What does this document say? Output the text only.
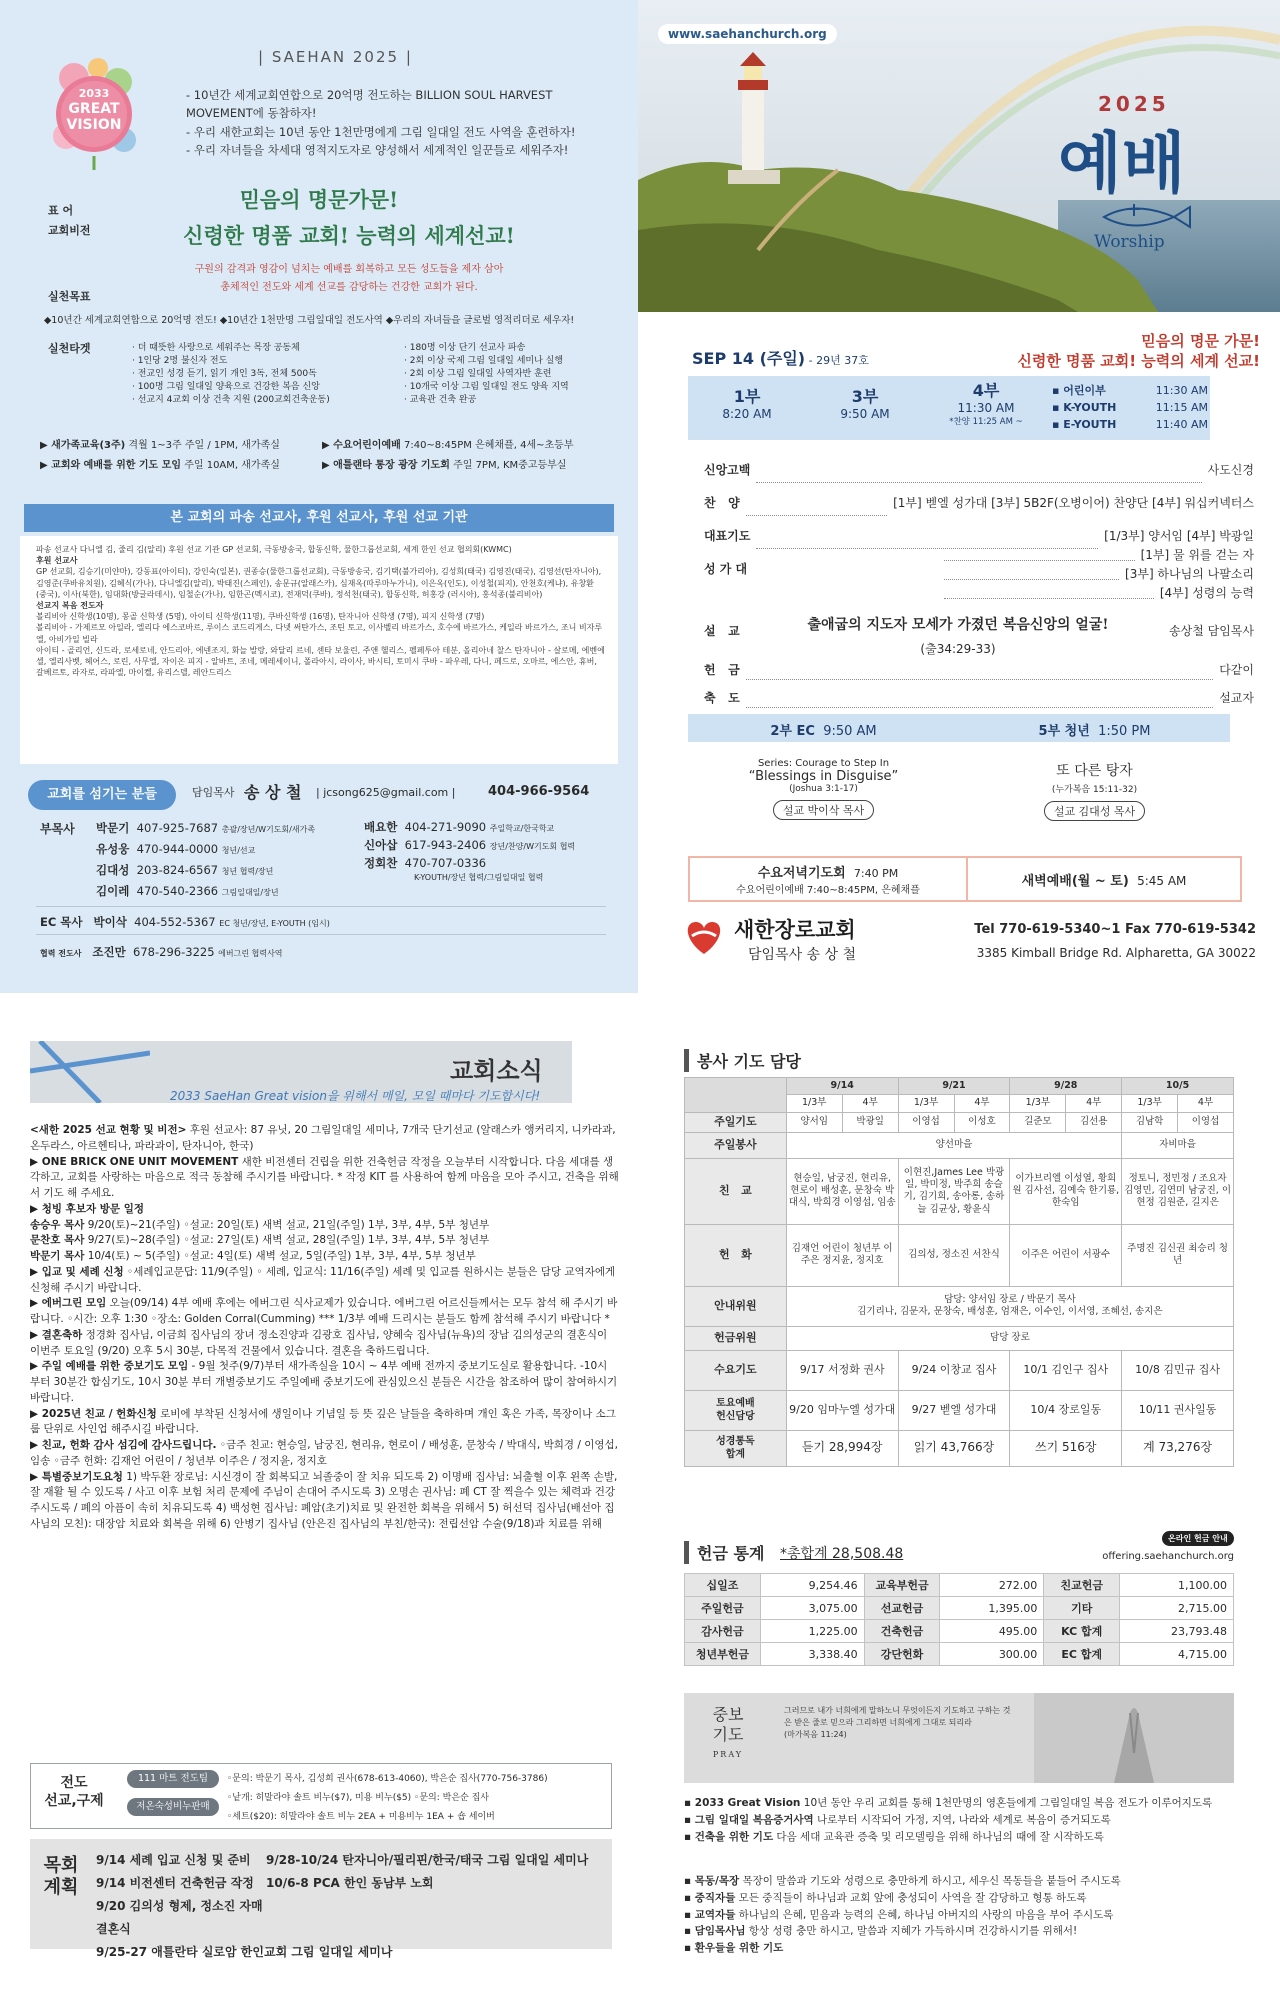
2033
GREAT
VISION
| SAEHAN 2025 |
- 10년간 세계교회연합으로 20억명 전도하는 BILLION SOUL HARVEST MOVEMENT에 동참하자!
- 우리 새한교회는 10년 동안 1천만명에게 그림 일대일 전도 사역을 훈련하자!
- 우리 자녀들을 차세대 영적지도자로 양성해서 세계적인 일꾼들로 세워주자!
표 어
교회비전
믿음의 명문가문!
신령한 명품 교회! 능력의 세계선교!
구원의 감격과 영감이 넘치는 예배를 회복하고 모든 성도들을 제자 삼아
총체적인 전도와 세계 선교를 감당하는 건강한 교회가 된다.
실천목표
◆10년간 세계교회연합으로 20억명 전도! ◆10년간 1천만명 그림일대일 전도사역 ◆우리의 자녀들을 글로벌 영적리더로 세우자!
실천타겟	· 더 때뜻한 사랑으로 세워주는 목장 공동체
· 1인당 2명 불신자 전도
· 전교인 성경 듣기, 읽기 개인 3독, 전체 500독
· 100명 그림 일대일 양육으로 건강한 복음 신앙
· 선교지 4교회 이상 건축 지원 (200교회건축운동)
· 180명 이상 단기 선교사 파송
· 2회 이상 국제 그림 일대일 세미나 실행
· 2회 이상 그림 일대일 사역자반 훈련
· 10개국 이상 그림 일대일 전도 양육 지역
· 교육관 건축 완공
▶ 새가족교육(3주) 격월 1~3주 주일 / 1PM, 새가족실	▶ 수요어린이예배 7:40~8:45PM 은혜채플, 4세~초등부
▶ 교회와 예배를 위한 기도 모임 주일 10AM, 새가족실	▶ 애틀랜타 통장 광장 기도회 주일 7PM, KM중고등부실
본 교회의 파송 선교사, 후원 선교사, 후원 선교 기관
파송 선교사 다니엘 김, 줄리 김(알리) 후원 선교 기관 GP 선교회, 극동방송국, 합동신학, 물한그룹선교회, 세계 한인 선교 협의회(KWMC)
후원 선교사
GP 선교회, 김승기(미얀마), 강동표(아이티), 강인숙(일본), 권종승(물한그룹선교회), 극동방송국, 김기택(불가리아), 김성희(태국) 김영진(태국), 김영선(탄자니아), 김영준(쿠바유치원), 김혜식(가나), 다니엘김(알리), 박태진(스페인), 송문규(알래스카), 심재옥(따루마누가니), 이은옥(인도), 이성철(피지), 안천호(케냐), 유창환 (중국), 이사(북한), 임대화(방글라데시), 임철순(가나), 임한곤(멕시코), 전재덕(쿠바), 정석천(태국), 합동신학, 허홍강 (러시아), 홍석종(불리비아)
선교지 복음 전도자
볼리비아 신학생(10명), 몽골 신학생 (5명), 아이티 신학생(11명), 쿠바신학생 (16명), 탄자니아 신학생 (7명), 피지 신학생 (7명)
볼리비아 - 가제르모 아일라, 엘리다 에스코바르, 루이스 코드리게스, 다넷 써탄가스, 조틴 토고, 이사벨리 바르가스, 호수에 바르가스, 케일라 바르가스, 조니 비자루엘, 아비가일 빌라
아이티 - 골리언, 신드라, 로세로네, 안드리아, 에넨조지, 화늘 발랑, 와달리 르네, 센타 보울린, 주앤 헬리스, 펠페투아 테분, 올리아네 찰스 탄자니아 - 살로메, 에벤에셀, 엘리사벳, 헤어스, 로린, 사무엘, 자이온 피지 - 알바트, 조네, 메레세이니, 폴라아시, 라이사, 바시티, 토미시 쿠바 - 파우레, 다니, 페드로, 오마르, 에스안, 휴버, 갈베르토, 라자로, 라파엘, 마이켈, 유리스델, 레안드리스
교회를 섬기는 분들	담임목사 송 상 철 | jcsong625@gmail.com |	404-966-9564
부목사 박문기 407-925-7687 총괄/장년/W기도회/새가족
유성웅 470-944-0000 청년/선교
김대성 203-824-6567 청년 협력/장년
김이레 470-540-2366 그림일대일/장년
배요한 404-271-9090 주일학교/한국학교
신아삽 617-943-2406 장년/찬양/W기도회 협력
정회찬 470-707-0336
K-YOUTH/장년 협력/그림일대일 협력
EC 목사 박이삭 404-552-5367 EC 청년/장년, E-YOUTH (임시)
협력 전도사 조진만 678-296-3225 에버그린 협력사역
www.saehanchurch.org
2025
예배
Worship
SEP 14 (주일) - 29년 37호
믿음의 명문 가문!
신령한 명품 교회! 능력의 세계 선교!
1부
8:20 AM
3부
9:50 AM
4부
11:30 AM
*찬양 11:25 AM ~
▪ 어린이부	11:30 AM
▪ K-YOUTH	11:15 AM
▪ E-YOUTH	11:40 AM
신앙고백	사도신경
찬   양	[1부] 벧엘 성가대 [3부] 5B2F(오병이어) 찬양단 [4부] 워십커넥터스
대표기도	[1/3부] 양서임 [4부] 박광일
성 가 대
[1부] 물 위를 걷는 자
[3부] 하나님의 나팔소리
[4부] 성령의 능력
설   교	출애굽의 지도자 모세가 가졌던 복음신앙의 얼굴!
(출34:29-33)
송상철 담임목사
헌   금	다같이
축   도	설교자
2부 EC 9:50 AM	5부 청년 1:50 PM
Series: Courage to Step In
“Blessings in Disguise”
(Joshua 3:1-17)
설교 박이삭 목사
또 다른 탕자
(누가복음 15:11-32)
설교 김대성 목사
수요저녁기도회 7:40 PM
수요어린이예배 7:40~8:45PM, 은혜채플
새벽예배(월 ~ 토) 5:45 AM
새한장로교회
담임목사 송 상 철
Tel 770-619-5340~1 Fax 770-619-5342
3385 Kimball Bridge Rd. Alpharetta, GA 30022
교회소식
2033 SaeHan Great vision을 위해서 매일, 모일 때마다 기도합시다!
<새한 2025 선교 현황 및 비전> 후원 선교사: 87 유닛, 20 그림일대일 세미나, 7개국 단기선교 (알래스카 앵커리지, 니카라과, 온두라스, 아르헨티나, 파라과이, 탄자니아, 한국)
▶ ONE BRICK ONE UNIT MOVEMENT 새한 비전센터 건립을 위한 건축헌금 작정을 오늘부터 시작합니다. 다음 세대를 생각하고, 교회를 사랑하는 마음으로 적극 동참해 주시기를 바랍니다. * 작정 KIT 를 사용하여 함께 마음을 모아 주시고, 건축을 위해서 기도 해 주세요.
▶ 청빙 후보자 방문 일정
송승우 목사 9/20(토)~21(주일) ◦설교: 20일(토) 새벽 설교, 21일(주일) 1부, 3부, 4부, 5부 청년부
문찬호 목사 9/27(토)~28(주일) ◦설교: 27일(토) 새벽 설교, 28일(주일) 1부, 3부, 4부, 5부 청년부
박문기 목사 10/4(토) ~ 5(주일) ◦설교: 4일(토) 새벽 설교, 5일(주일) 1부, 3부, 4부, 5부 청년부
▶ 입교 및 세례 신청 ◦세례입교문답: 11/9(주일) ◦ 세례, 입교식: 11/16(주일) 세례 및 입교를 원하시는 분들은 담당 교역자에게 신청해 주시기 바랍니다.
▶ 에버그린 모임 오늘(09/14) 4부 예배 후에는 에버그린 식사교제가 있습니다. 에버그린 어르신들께서는 모두 참석 해 주시기 바랍니다. ◦시간: 오후 1:30 ◦장소: Golden Corral(Cumming) *** 1/3부 예배 드리시는 분들도 함께 참석해 주시기 바랍니다 *
▶ 결혼축하 정경화 집사님, 이금희 집사님의 장녀 정소진양과 김광호 집사님, 양혜숙 집사님(뉴욕)의 장남 김의성군의 결혼식이 이번주 토요일 (9/20) 오후 5시 30분, 다목적 건물에서 있습니다. 결혼을 축하드립니다.
▶ 주일 예배를 위한 중보기도 모임 - 9월 첫주(9/7)부터 새가족실을 10시 ~ 4부 예배 전까지 중보기도실로 활용합니다. -10시 부터 30분간 합심기도, 10시 30분 부터 개별중보기도 주일예배 중보기도에 관심있으신 분들은 시간을 참조하여 많이 참여하시기 바랍니다.
▶ 2025년 친교 / 헌화신청 로비에 부착된 신청서에 생일이나 기념일 등 뜻 깊은 날들을 축하하며 개인 혹은 가족, 목장이나 소그룹 단위로 사인업 해주시길 바랍니다.
▶ 친교, 헌화 감사 섬김에 감사드립니다. ◦금주 친교: 현승일, 남궁진, 현리유, 현로이 / 배성훈, 문창숙 / 박대식, 박희경 / 이영섭, 임송 ◦금주 헌화: 김재언 어린이 / 청년부 이주은 / 정지윤, 정지호
▶ 특별중보기도요청 1) 박두환 장로님: 시신경이 잘 회복되고 뇌졸중이 잘 치유 되도록 2) 이명배 집사님: 뇌출혈 이후 왼쪽 손발, 잘 재활 될 수 있도록 / 사고 이후 보험 처리 문제에 주님이 손대어 주시도록 3) 오명손 권사님: 폐 CT 잘 찍을수 있는 체력과 건강 주시도록 / 폐의 아픔이 속히 치유되도록 4) 백성현 집사님: 폐암(초기)치료 및 완전한 회복을 위해서 5) 허선덕 집사님(배선아 집사님의 모친): 대장암 치료와 회복을 위해 6) 안병기 집사님 (안은진 집사님의 부친/한국): 전립선암 수술(9/18)과 치료를 위해
전도
선교,구제
111 마트 전도팀
저온숙성비누판매
◦문의: 박문기 목사, 김성희 권사(678-613-4060), 박은순 집사(770-756-3786)
◦낱개: 히말라야 솔트 비누($7), 미용 비누($5) ◦문의: 박은순 집사
◦세트($20): 히말라야 솔트 비누 2EA + 미용비누 1EA + 숍 세이버
목회
계획
9/14 세례 입교 신청 및 준비	9/28-10/24 탄자니아/필리핀/한국/태국 그림 일대일 세미나
9/14 비전센터 건축헌금 작정	10/6-8 PCA 한인 동남부 노회
9/20 김의성 형제, 정소진 자매 결혼식
9/25-27 애틀란타 실로암 한인교회 그림 일대일 세미나
봉사 기도 담당
	9/14		9/21		9/28		10/5	
	1/3부	4부	1/3부	4부	1/3부	4부	1/3부	4부
주일기도	양서임	박광일	이영섭	이성호	길준모	김선용	김남학	이영섭
주일봉사	양선마을						자비마을	
친   교	현승일, 남궁진, 현리유, 현로이 배성훈, 문창숙 박대식, 박희경 이영섭, 임송		이현진,James Lee 박광일, 박미정, 박주희 송슬기, 김기희, 송아롱, 송하늘 김균상, 황윤식		이가브리엘 이성열, 황희원 김사선, 김예숙 한기룡, 한숙임		정토니, 정민정 / 조요자 김영민, 김연미 남궁진, 이현정 김원준, 길지은	
헌   화	김재언 어린이 청년부 이주은 정지윤, 정지호		김의성, 정소진 서찬식		이주은 어린이 서광수		주명진 김신권 최승리 청년	
안내위원	담당: 양서임 장로 / 박문기 목사
김기리나, 김문자, 문창숙, 배성훈, 엄재은, 이수인, 이서영, 조혜선, 송지은							

헌금위원	담당 장로							
수요기도	9/17 서정화 권사		9/24 이창교 집사		10/1 김인구 집사		10/8 김민규 집사	

토요예배
헌신담당	9/20 임마누엘 성가대		9/27 벧엘 성가대		10/4 장로일동		10/11 권사일동	

성경통독
합계	듣기 28,994장		읽기 43,766장		쓰기 516장		계 73,276장	
헌금 통계 *총합계 28,508.48
온라인 헌금 안내
offering.saehanchurch.org
십일조	9,254.46	교육부헌금	272.00	친교헌금	1,100.00
주일헌금	3,075.00	선교헌금	1,395.00	기타	2,715.00
감사헌금	1,225.00	건축헌금	495.00	KC 합계	23,793.48
청년부헌금	3,338.40	강단헌화	300.00	EC 합계	4,715.00
중보
기도
PRAY
그러므로 내가 너희에게 말하노니 무엇이든지 기도하고 구하는 것은 받은 줄로 믿으라 그리하면 너희에게 그대로 되리라
(마가복음 11:24)
▪ 2033 Great Vision 10년 동안 우리 교회를 통해 1천만명의 영혼들에게 그림일대일 복음 전도가 이루어지도록
▪ 그림 일대일 복음증거사역 나로부터 시작되어 가정, 지역, 나라와 세계로 복음이 증거되도록
▪ 건축을 위한 기도 다음 세대 교육관 증축 및 리모델링을 위해 하나님의 때에 잘 시작하도록
▪ 목동/목장 목장이 말씀과 기도와 성령으로 충만하게 하시고, 세우신 목동들을 붙들어 주시도록
▪ 중직자들 모든 중직들이 하나님과 교회 앞에 충성되이 사역을 잘 감당하고 형통 하도록
▪ 교역자들 하나님의 은혜, 믿음과 능력의 은혜, 하나님 아버지의 사랑의 마음을 부어 주시도록
▪ 담임목사님 항상 성령 충만 하시고, 말씀과 지혜가 가득하시며 건강하시기를 위해서!
▪ 환우들을 위한 기도
